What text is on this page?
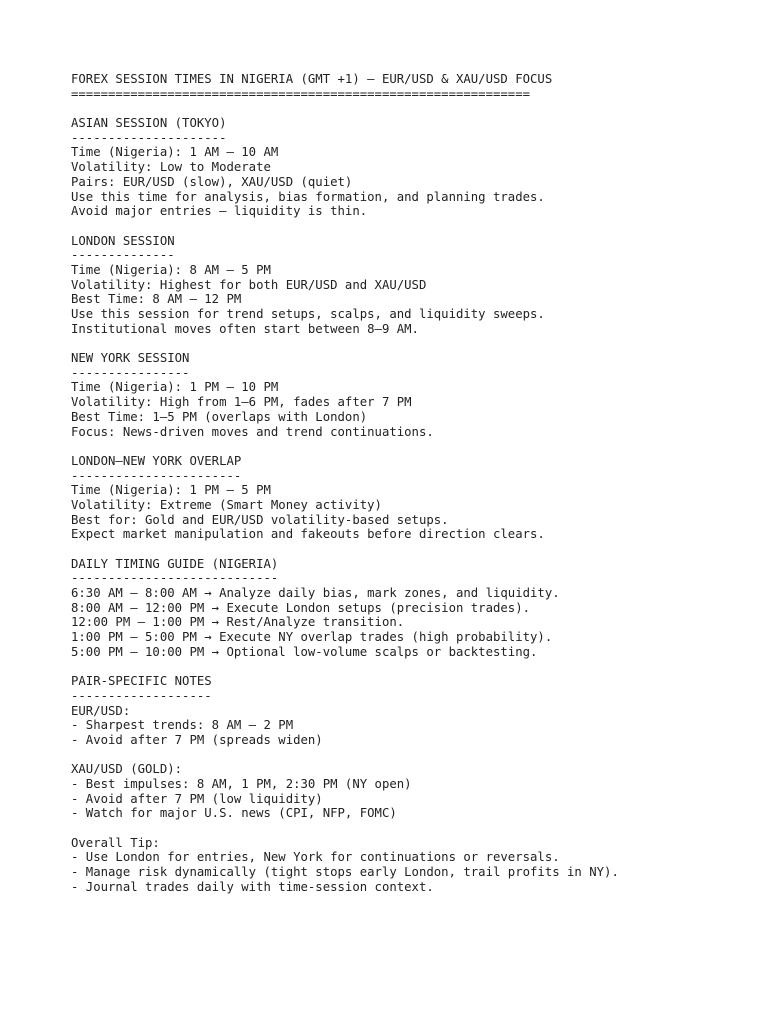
FOREX SESSION TIMES IN NIGERIA (GMT +1) — EUR/USD & XAU/USD FOCUS
==============================================================
ASIAN SESSION (TOKYO)
---------------------
Time (Nigeria): 1 AM – 10 AM
Volatility: Low to Moderate
Pairs: EUR/USD (slow), XAU/USD (quiet)
Use this time for analysis, bias formation, and planning trades.
Avoid major entries — liquidity is thin.
LONDON SESSION
--------------
Time (Nigeria): 8 AM – 5 PM
Volatility: Highest for both EUR/USD and XAU/USD
Best Time: 8 AM – 12 PM
Use this session for trend setups, scalps, and liquidity sweeps.
Institutional moves often start between 8–9 AM.
NEW YORK SESSION
----------------
Time (Nigeria): 1 PM – 10 PM
Volatility: High from 1–6 PM, fades after 7 PM
Best Time: 1–5 PM (overlaps with London)
Focus: News-driven moves and trend continuations.
LONDON–NEW YORK OVERLAP
-----------------------
Time (Nigeria): 1 PM – 5 PM
Volatility: Extreme (Smart Money activity)
Best for: Gold and EUR/USD volatility-based setups.
Expect market manipulation and fakeouts before direction clears.
DAILY TIMING GUIDE (NIGERIA)
----------------------------
6:30 AM – 8:00 AM → Analyze daily bias, mark zones, and liquidity.
8:00 AM – 12:00 PM → Execute London setups (precision trades).
12:00 PM – 1:00 PM → Rest/Analyze transition.
1:00 PM – 5:00 PM → Execute NY overlap trades (high probability).
5:00 PM – 10:00 PM → Optional low-volume scalps or backtesting.
PAIR-SPECIFIC NOTES
-------------------
EUR/USD:
- Sharpest trends: 8 AM – 2 PM
- Avoid after 7 PM (spreads widen)
XAU/USD (GOLD):
- Best impulses: 8 AM, 1 PM, 2:30 PM (NY open)
- Avoid after 7 PM (low liquidity)
- Watch for major U.S. news (CPI, NFP, FOMC)
Overall Tip:
- Use London for entries, New York for continuations or reversals.
- Manage risk dynamically (tight stops early London, trail profits in NY).
- Journal trades daily with time-session context.
